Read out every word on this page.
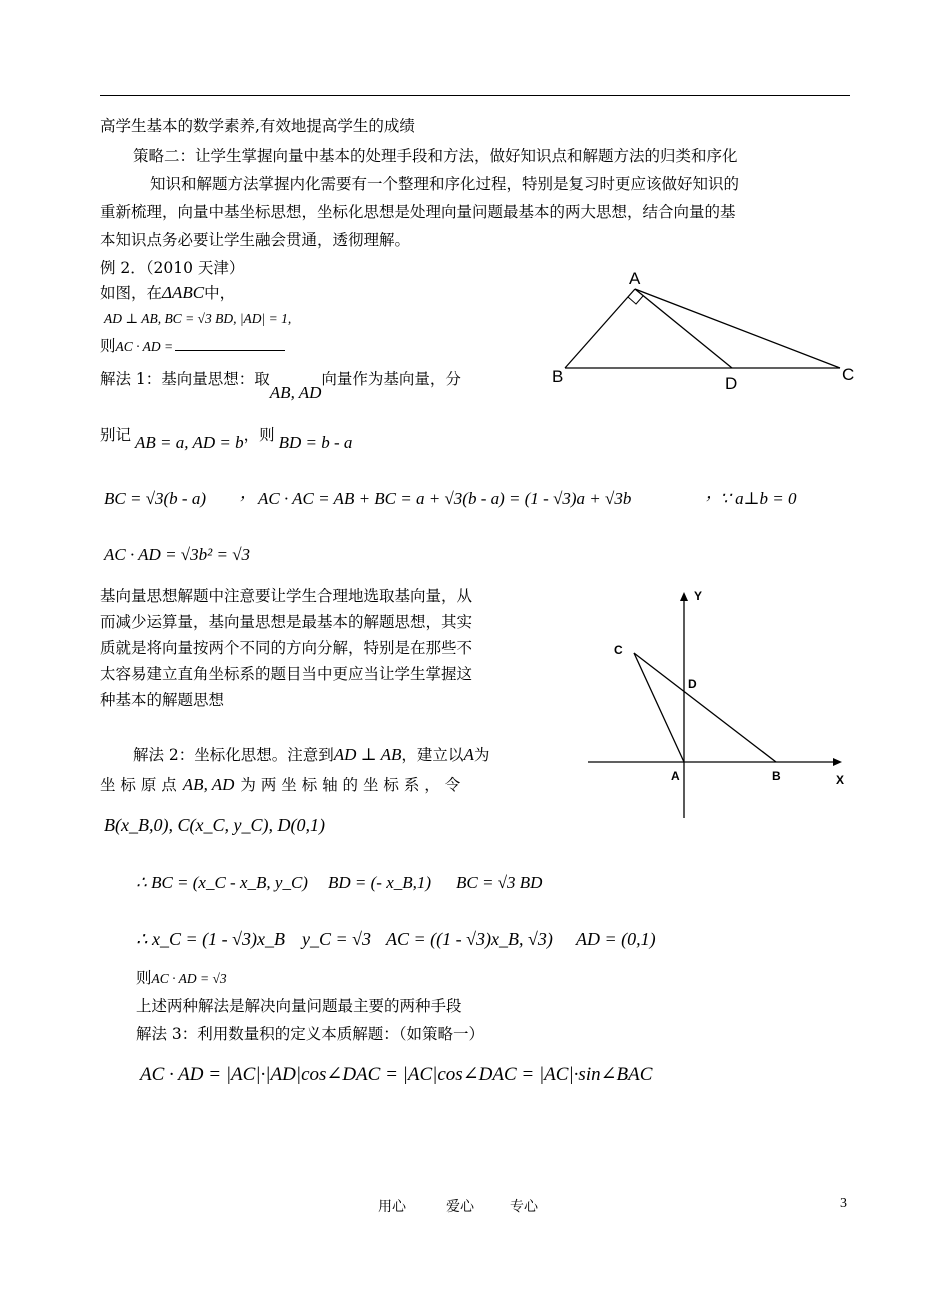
高学生基本的数学素养,有效地提高学生的成绩
策略二：让学生掌握向量中基本的处理手段和方法，做好知识点和解题方法的归类和序化
知识和解题方法掌握内化需要有一个整理和序化过程，特别是复习时更应该做好知识的
重新梳理，向量中基坐标思想，坐标化思想是处理向量问题最基本的两大思想，结合向量的基
本知识点务必要让学生融会贯通，透彻理解。
例 2．（2010 天津）
如图，在ΔABC中，
AD ⊥ AB, BC = √3 BD, |AD| = 1,
则AC · AD =
A
B	C
D
解法 1：基向量思想：取AB, AD向量作为基向量，分
别记 AB = a, AD = b，则 BD = b - a
BC = √3(b - a) ， AC · AC = AB + BC = a + √3(b - a) = (1 - √3)a + √3b	，
∵ a⊥b = 0
AC · AD = √3b² = √3
基向量思想解题中注意要让学生合理地选取基向量，从
而减少运算量，基向量思想是最基本的解题思想，其实
质就是将向量按两个不同的方向分解，特别是在那些不
太容易建立直角坐标系的题目当中更应当让学生掌握这
种基本的解题思想
Y
X
C
D
A	B
解法 2：坐标化思想。注意到AD ⊥ AB，建立以A为
坐 标 原 点 AB, AD 为 两 坐 标 轴 的 坐 标 系 ， 令
B(x_B,0), C(x_C, y_C), D(0,1)
∴ BC = (x_C - x_B, y_C) BD = (- x_B,1) BC = √3 BD
∴ x_C = (1 - √3)x_B y_C = √3 AC = ((1 - √3)x_B, √3) AD = (0,1)
则AC · AD = √3
上述两种解法是解决向量问题最主要的两种手段
解法 3：利用数量积的定义本质解题：（如策略一）
AC · AD = |AC|·|AD|cos∠DAC = |AC|cos∠DAC = |AC|·sin∠BAC
用心	爱心	专心	3
